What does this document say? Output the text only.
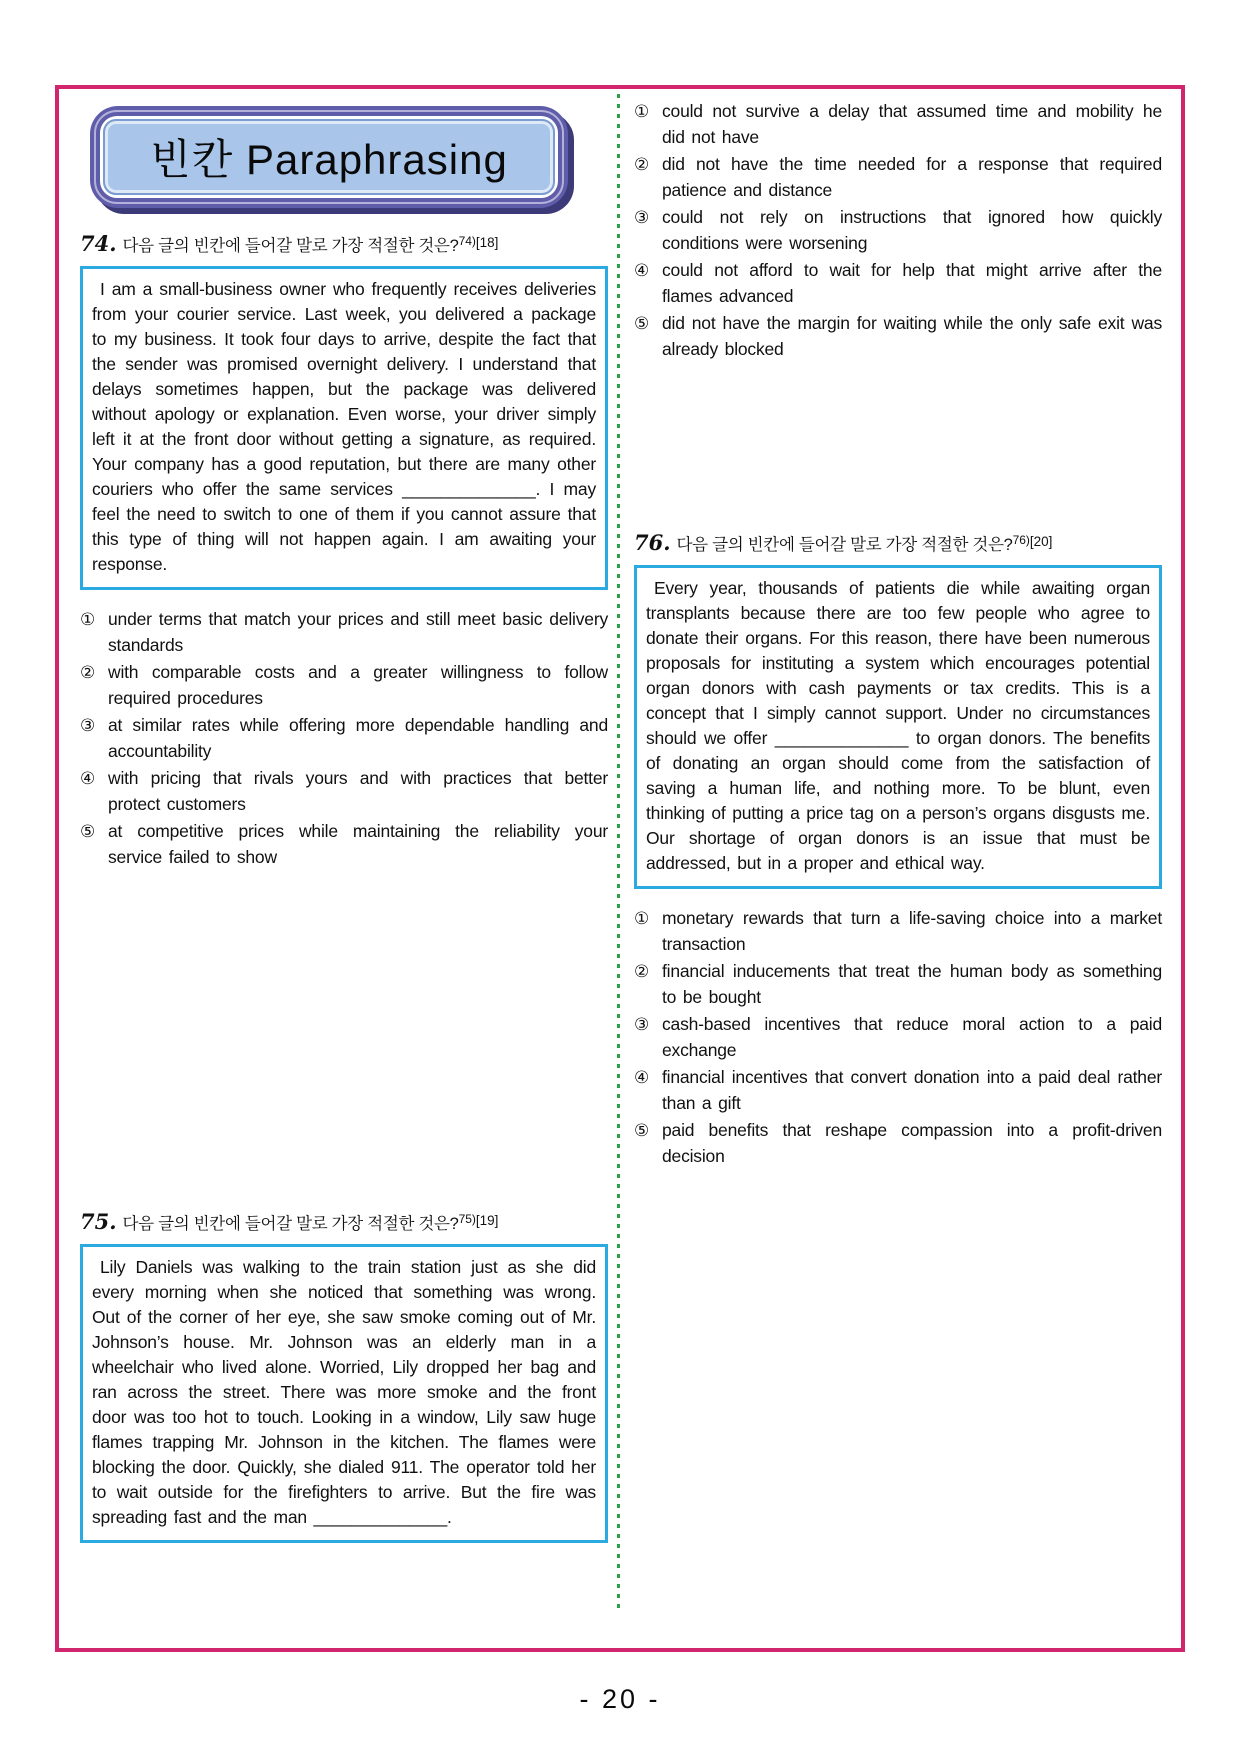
빈칸 Paraphrasing
74. 다음 글의 빈칸에 들어갈 말로 가장 적절한 것은?$^{74)[18]}$

I am a small-business owner who frequently receives deliveries from your courier service. Last week, you delivered a package to my business. It took four days to arrive, despite the fact that the sender was promised overnight delivery. I understand that delays sometimes happen, but the package was delivered without apology or explanation. Even worse, your driver simply left it at the front door without getting a signature, as required. Your company has a good reputation, but there are many other couriers who offer the same services ______________. I may feel the need to switch to one of them if you cannot assure that this type of thing will not happen again. I am awaiting your response.

① under terms that match your prices and still meet basic delivery standards
② with comparable costs and a greater willingness to follow required procedures
③ at similar rates while offering more dependable handling and accountability
④ with pricing that rivals yours and with practices that better protect customers
⑤ at competitive prices while maintaining the reliability your service failed to show
75. 다음 글의 빈칸에 들어갈 말로 가장 적절한 것은?$^{75)[19]}$

Lily Daniels was walking to the train station just as she did every morning when she noticed that something was wrong. Out of the corner of her eye, she saw smoke coming out of Mr. Johnson’s house. Mr. Johnson was an elderly man in a wheelchair who lived alone. Worried, Lily dropped her bag and ran across the street. There was more smoke and the front door was too hot to touch. Looking in a window, Lily saw huge flames trapping Mr. Johnson in the kitchen. The flames were blocking the door. Quickly, she dialed 911. The operator told her to wait outside for the firefighters to arrive. But the fire was spreading fast and the man ______________.

① could not survive a delay that assumed time and mobility he did not have
② did not have the time needed for a response that required patience and distance
③ could not rely on instructions that ignored how quickly conditions were worsening
④ could not afford to wait for help that might arrive after the flames advanced
⑤ did not have the margin for waiting while the only safe exit was already blocked
76. 다음 글의 빈칸에 들어갈 말로 가장 적절한 것은?$^{76)[20]}$

Every year, thousands of patients die while awaiting organ transplants because there are too few people who agree to donate their organs. For this reason, there have been numerous proposals for instituting a system which encourages potential organ donors with cash payments or tax credits. This is a concept that I simply cannot support. Under no circumstances should we offer ______________ to organ donors. The benefits of donating an organ should come from the satisfaction of saving a human life, and nothing more. To be blunt, even thinking of putting a price tag on a person’s organs disgusts me. Our shortage of organ donors is an issue that must be addressed, but in a proper and ethical way.

① monetary rewards that turn a life-saving choice into a market transaction
② financial inducements that treat the human body as something to be bought
③ cash-based incentives that reduce moral action to a paid exchange
④ financial incentives that convert donation into a paid deal rather than a gift
⑤ paid benefits that reshape compassion into a profit-driven decision
- 20 -
